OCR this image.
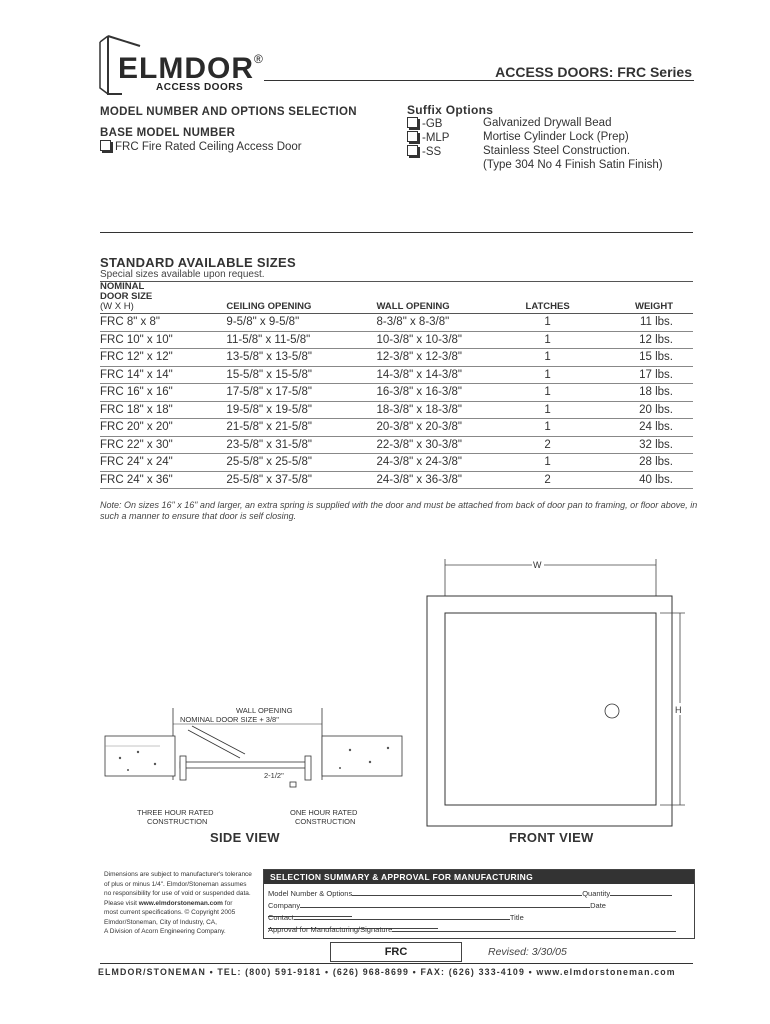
ELMDOR ®
ACCESS DOORS
ACCESS DOORS: FRC Series
MODEL NUMBER AND OPTIONS SELECTION
BASE MODEL NUMBER
FRC Fire Rated Ceiling Access Door
Suffix Options
-GB	Galvanized Drywall Bead
-MLP	Mortise Cylinder Lock (Prep)
-SS	Stainless Steel Construction.
(Type 304 No 4 Finish Satin Finish)
STANDARD AVAILABLE SIZES
Special sizes available upon request.
NOMINAL
DOOR SIZE
(W X H)	CEILING OPENING	WALL OPENING	LATCHES	WEIGHT
FRC 8" x 8"	9-5/8" x 9-5/8"	8-3/8" x 8-3/8"	1	11 lbs.
FRC 10" x 10"	11-5/8" x 11-5/8"	10-3/8" x 10-3/8"	1	12 lbs.
FRC 12" x 12"	13-5/8" x 13-5/8"	12-3/8" x 12-3/8"	1	15 lbs.
FRC 14" x 14"	15-5/8" x 15-5/8"	14-3/8" x 14-3/8"	1	17 lbs.
FRC 16" x 16"	17-5/8" x 17-5/8"	16-3/8" x 16-3/8"	1	18 lbs.
FRC 18" x 18"	19-5/8" x 19-5/8"	18-3/8" x 18-3/8"	1	20 lbs.
FRC 20" x 20"	21-5/8" x 21-5/8"	20-3/8" x 20-3/8"	1	24 lbs.
FRC 22" x 30"	23-5/8" x 31-5/8"	22-3/8" x 30-3/8"	2	32 lbs.
FRC 24" x 24"	25-5/8" x 25-5/8"	24-3/8" x 24-3/8"	1	28 lbs.
FRC 24" x 36"	25-5/8" x 37-5/8"	24-3/8" x 36-3/8"	2	40 lbs.
Note: On sizes 16" x 16" and larger, an extra spring is supplied with the door and must be attached from back of door pan to framing, or floor above, in such a manner to ensure that door is self closing.
WALL OPENING
NOMINAL DOOR SIZE + 3/8"
2-1/2"
THREE HOUR RATED
CONSTRUCTION
ONE HOUR RATED
CONSTRUCTION
SIDE VIEW
W
H
FRONT VIEW
Dimensions are subject to manufacturer's tolerance
of plus or minus 1/4". Elmdor/Stoneman assumes
no responsibility for use of void or suspended data.
Please visit www.elmdorstoneman.com for
most current specifications. © Copyright 2005
Elmdor/Stoneman, City of Industry, CA,
A Division of Acorn Engineering Company.
SELECTION SUMMARY & APPROVAL FOR MANUFACTURING
Model Number & Options	Quantity
Company	Date
Contact	Title
Approval for Manufacturing/Signature
FRC	Revised: 3/30/05
ELMDOR/STONEMAN • TEL: (800) 591-9181 • (626) 968-8699 • FAX: (626) 333-4109 • www.elmdorstoneman.com
